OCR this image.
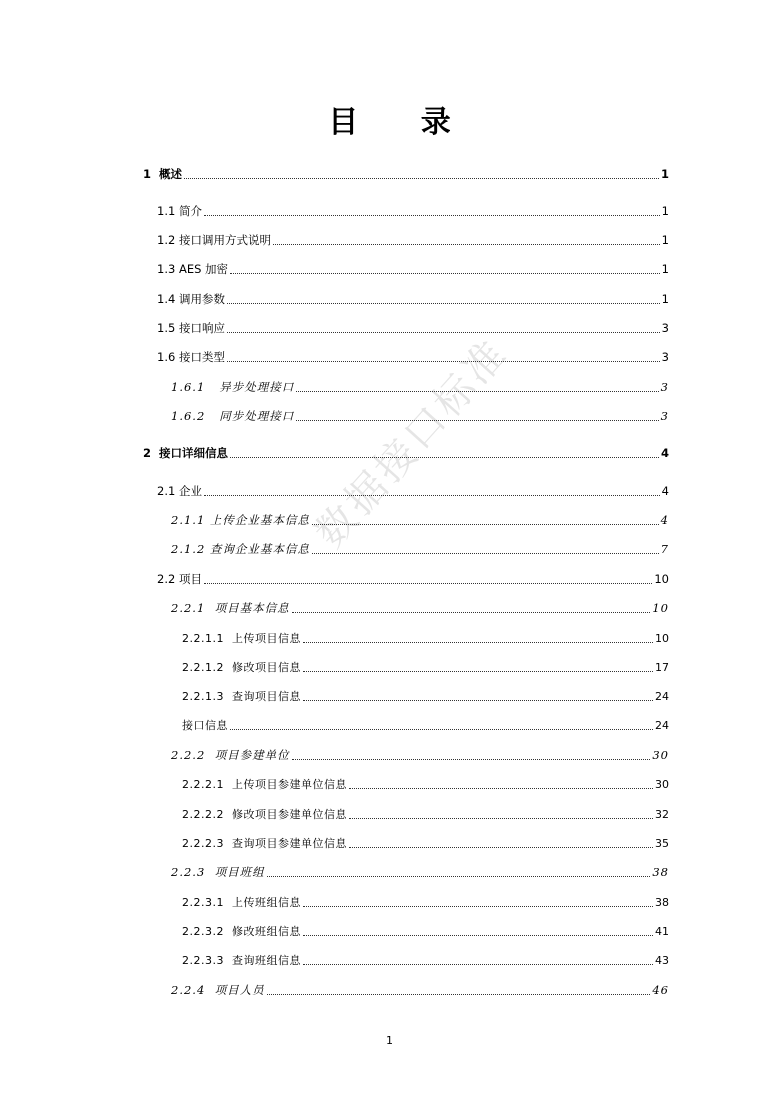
目 录
数据接口标准
1 概述	1
1.1 简介	1
1.2 接口调用方式说明	1
1.3 AES 加密	1
1.4 调用参数	1
1.5 接口响应	3
1.6 接口类型	3
1.6.1 异步处理接口	3
1.6.2 同步处理接口	3
2 接口详细信息	4
2.1 企业	4
2.1.1 上传企业基本信息	4
2.1.2 查询企业基本信息	7
2.2 项目	10
2.2.1 项目基本信息	10
2.2.1.1 上传项目信息	10
2.2.1.2 修改项目信息	17
2.2.1.3 查询项目信息	24
接口信息	24
2.2.2 项目参建单位	30
2.2.2.1 上传项目参建单位信息	30
2.2.2.2 修改项目参建单位信息	32
2.2.2.3 查询项目参建单位信息	35
2.2.3 项目班组	38
2.2.3.1 上传班组信息	38
2.2.3.2 修改班组信息	41
2.2.3.3 查询班组信息	43
2.2.4 项目人员	46
1
